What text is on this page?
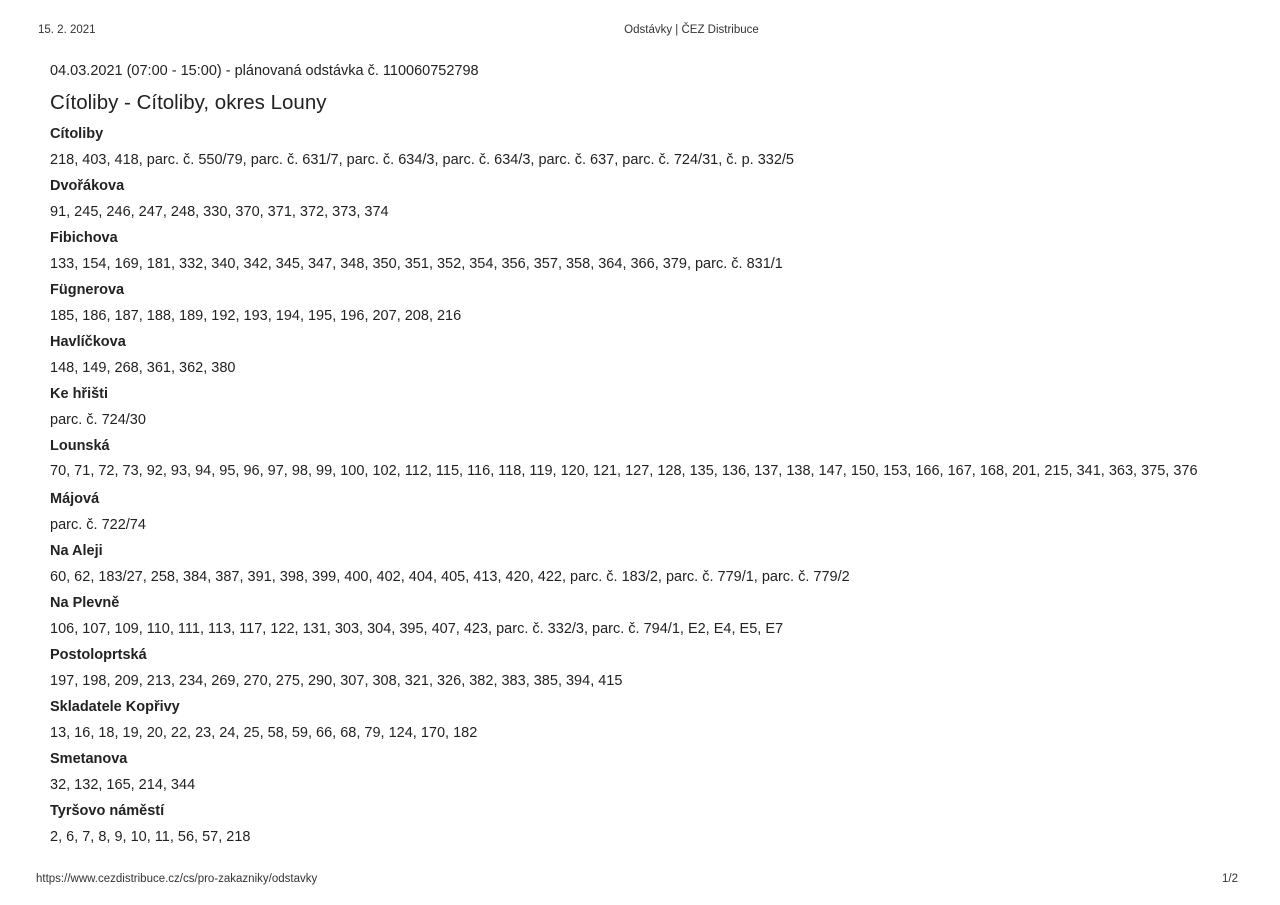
15. 2. 2021	Odstávky | ČEZ Distribuce
04.03.2021 (07:00 - 15:00) - plánovaná odstávka č. 110060752798
Cítoliby - Cítoliby, okres Louny
Cítoliby
218, 403, 418, parc. č. 550/79, parc. č. 631/7, parc. č. 634/3, parc. č. 634/3, parc. č. 637, parc. č. 724/31, č. p. 332/5
Dvořákova
91, 245, 246, 247, 248, 330, 370, 371, 372, 373, 374
Fibichova
133, 154, 169, 181, 332, 340, 342, 345, 347, 348, 350, 351, 352, 354, 356, 357, 358, 364, 366, 379, parc. č. 831/1
Fügnerova
185, 186, 187, 188, 189, 192, 193, 194, 195, 196, 207, 208, 216
Havlíčkova
148, 149, 268, 361, 362, 380
Ke hřišti
parc. č. 724/30
Lounská
70, 71, 72, 73, 92, 93, 94, 95, 96, 97, 98, 99, 100, 102, 112, 115, 116, 118, 119, 120, 121, 127, 128, 135, 136, 137, 138, 147, 150, 153, 166, 167, 168, 201, 215, 341, 363, 375, 376
Májová
parc. č. 722/74
Na Aleji
60, 62, 183/27, 258, 384, 387, 391, 398, 399, 400, 402, 404, 405, 413, 420, 422, parc. č. 183/2, parc. č. 779/1, parc. č. 779/2
Na Plevně
106, 107, 109, 110, 111, 113, 117, 122, 131, 303, 304, 395, 407, 423, parc. č. 332/3, parc. č. 794/1, E2, E4, E5, E7
Postoloprtská
197, 198, 209, 213, 234, 269, 270, 275, 290, 307, 308, 321, 326, 382, 383, 385, 394, 415
Skladatele Kopřivy
13, 16, 18, 19, 20, 22, 23, 24, 25, 58, 59, 66, 68, 79, 124, 170, 182
Smetanova
32, 132, 165, 214, 344
Tyršovo náměstí
2, 6, 7, 8, 9, 10, 11, 56, 57, 218
https://www.cezdistribuce.cz/cs/pro-zakazniky/odstavky	1/2
